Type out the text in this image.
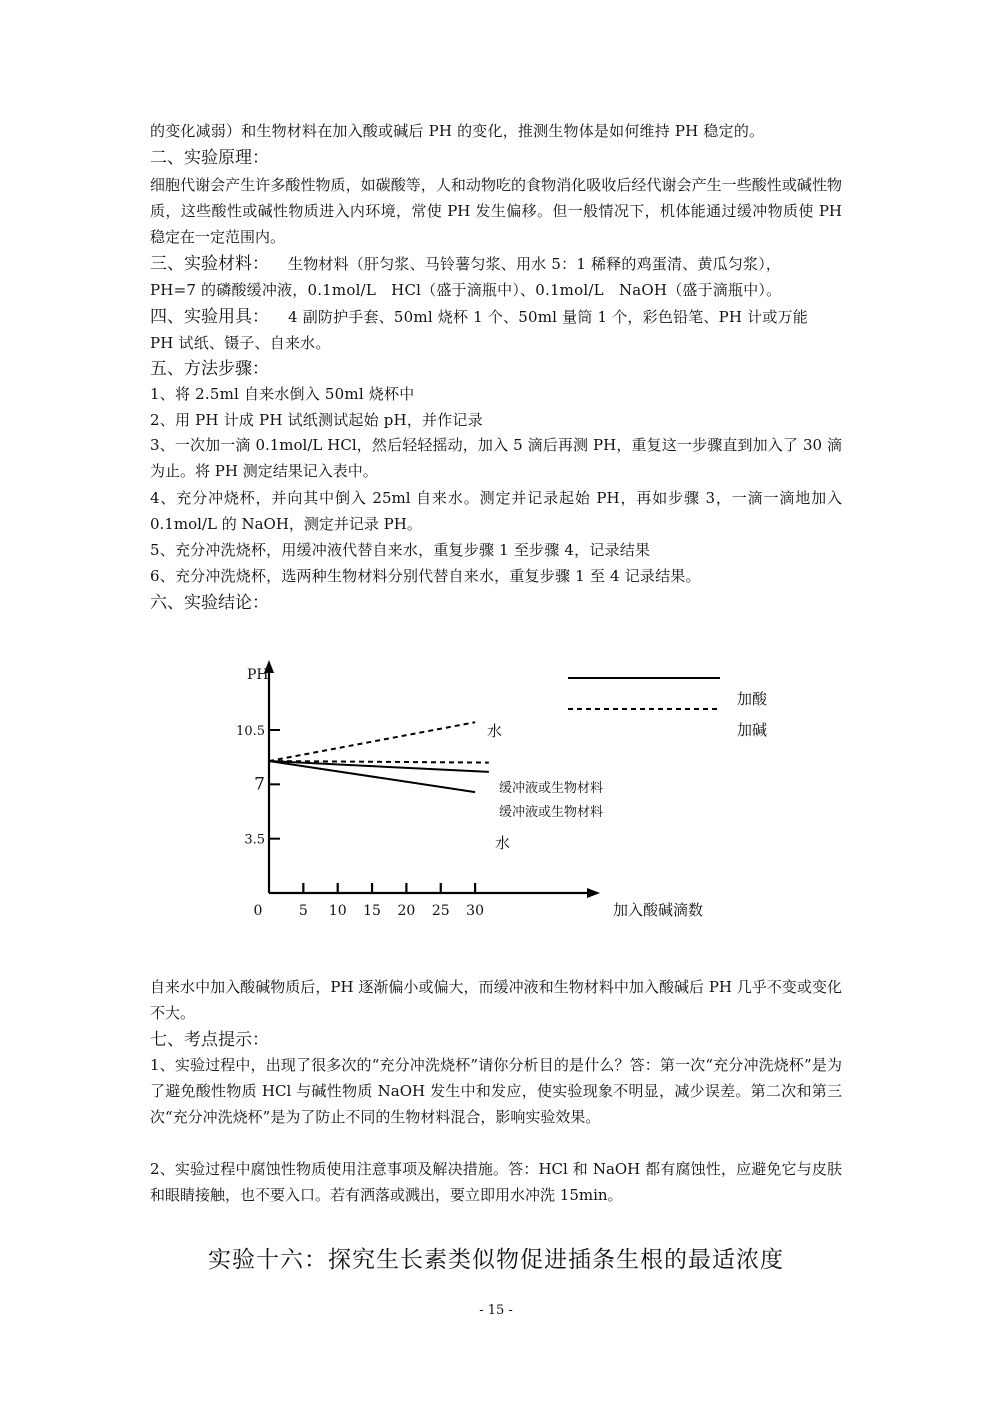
的变化减弱）和生物材料在加入酸或碱后 PH 的变化，推测生物体是如何维持 PH 稳定的。
二、实验原理：
细胞代谢会产生许多酸性物质，如碳酸等，人和动物吃的食物消化吸收后经代谢会产生一些酸性或碱性物质，这些酸性或碱性物质进入内环境，常使 PH 发生偏移。但一般情况下，机体能通过缓冲物质使 PH 稳定在一定范围内。
三、实验材料： 生物材料（肝匀浆、马铃薯匀浆、用水 5：1 稀释的鸡蛋清、黄瓜匀浆），
PH=7 的磷酸缓冲液，0.1mol/L　HCl（盛于滴瓶中）、0.1mol/L　NaOH（盛于滴瓶中）。
四、实验用具： 4 副防护手套、50ml 烧杯 1 个、50ml 量筒 1 个，彩色铅笔、PH 计或万能
PH 试纸、镊子、自来水。
五、方法步骤：
1、将 2.5ml 自来水倒入 50ml 烧杯中
2、用 PH 计成 PH 试纸测试起始 pH，并作记录
3、一次加一滴 0.1mol/L HCl，然后轻轻摇动，加入 5 滴后再测 PH，重复这一步骤直到加入了 30 滴为止。将 PH 测定结果记入表中。
4、充分冲烧杯，并向其中倒入 25ml 自来水。测定并记录起始 PH，再如步骤 3，一滴一滴地加入 0.1mol/L 的 NaOH，测定并记录 PH。
5、充分冲洗烧杯，用缓冲液代替自来水，重复步骤 1 至步骤 4，记录结果
6、充分冲洗烧杯，选两种生物材料分别代替自来水，重复步骤 1 至 4 记录结果。
六、实验结论：
PH
加入酸碱滴数
3.5
7
10.5
0	5 10 15 20 25 30
水
水
缓冲液或生物材料
缓冲液或生物材料
加酸
加碱
自来水中加入酸碱物质后，PH 逐渐偏小或偏大，而缓冲液和生物材料中加入酸碱后 PH 几乎不变或变化不大。
七、考点提示：
1、实验过程中，出现了很多次的“充分冲洗烧杯”请你分析目的是什么？答：第一次“充分冲洗烧杯”是为了避免酸性物质 HCl 与碱性物质 NaOH 发生中和发应，使实验现象不明显，减少误差。第二次和第三次“充分冲洗烧杯”是为了防止不同的生物材料混合，影响实验效果。
2、实验过程中腐蚀性物质使用注意事项及解决措施。答：HCl 和 NaOH 都有腐蚀性，应避免它与皮肤和眼睛接触，也不要入口。若有洒落或溅出，要立即用水冲洗 15min。
实验十六：探究生长素类似物促进插条生根的最适浓度
- 15 -
